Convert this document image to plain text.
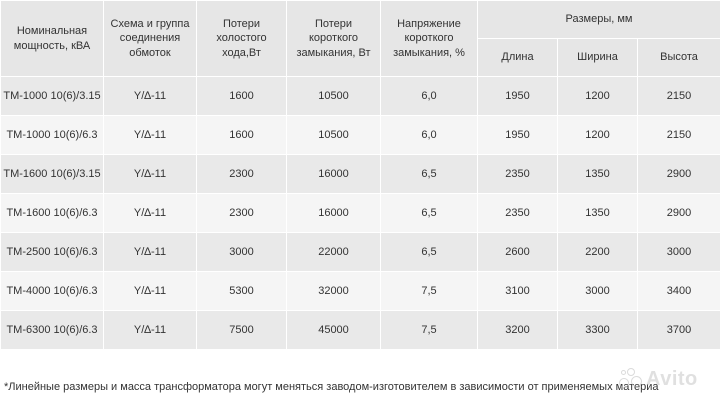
Номинальная мощность, кВА	Схема и группа соединения обмоток	Потери холостого хода,Вт	Потери короткого замыкания, Вт	Напряжение короткого замыкания, %	Размеры, мм		
					Длина	Ширина	Высота
ТМ-1000 10(6)/3.15	Y/∆-11	1600	10500	6,0	1950	1200	2150
ТМ-1000 10(6)/6.3	Y/∆-11	1600	10500	6,0	1950	1200	2150
ТМ-1600 10(6)/3.15	Y/∆-11	2300	16000	6,5	2350	1350	2900
ТМ-1600 10(6)/6.3	Y/∆-11	2300	16000	6,5	2350	1350	2900
ТМ-2500 10(6)/6.3	Y/∆-11	3000	22000	6,5	2600	2200	3000
ТМ-4000 10(6)/6.3	Y/∆-11	5300	32000	7,5	3100	3000	3400
ТМ-6300 10(6)/6.3	Y/∆-11	7500	45000	7,5	3200	3300	3700
*Линейные размеры и масса трансформатора могут меняться заводом-изготовителем в зависимости от применяемых материа
Avito
